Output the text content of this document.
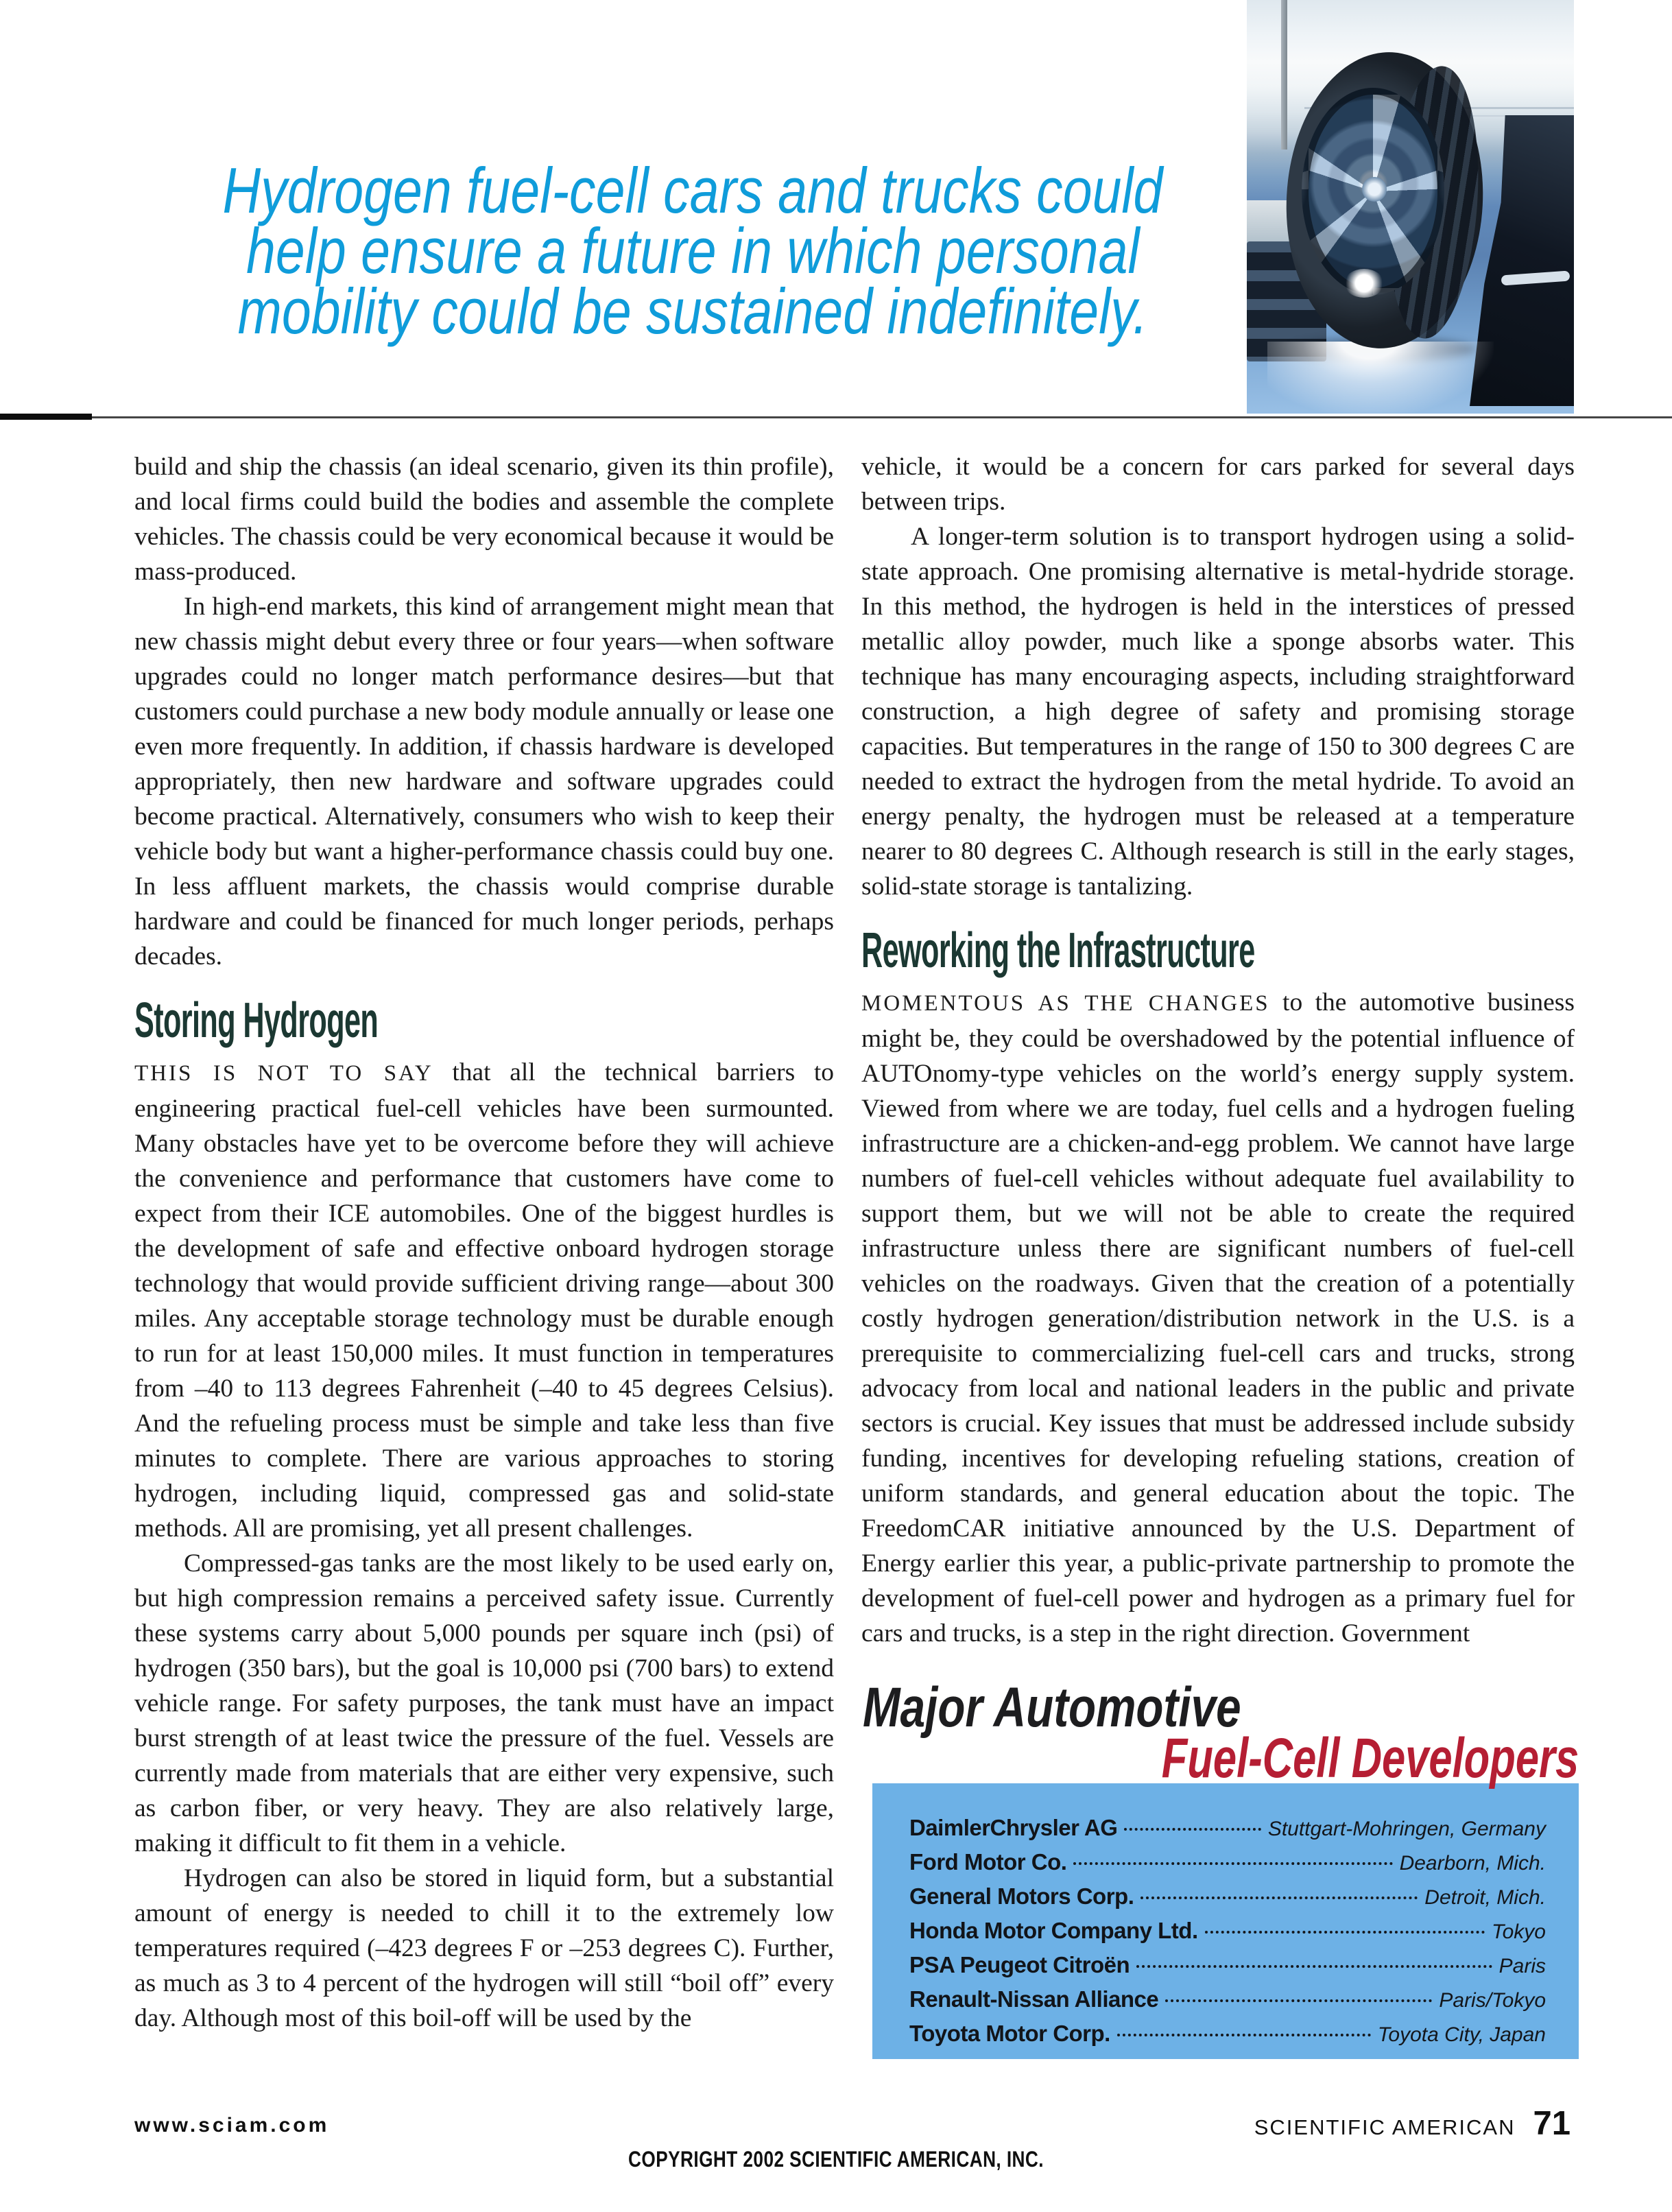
Hydrogen fuel-cell cars and trucks could
help ensure a future in which personal
mobility could be sustained indefinitely.

build and ship the chassis (an ideal scenario, given its thin profile), and local firms could build the bodies and assemble the complete vehicles. The chassis could be very economical because it would be mass-produced.

In high-end markets, this kind of arrangement might mean that new chassis might debut every three or four years—when software upgrades could no longer match performance desires—but that customers could purchase a new body module annually or lease one even more frequently. In addition, if chassis hardware is developed appropriately, then new hardware and software upgrades could become practical. Alternatively, consumers who wish to keep their vehicle body but want a higher-performance chassis could buy one. In less affluent markets, the chassis would comprise durable hardware and could be financed for much longer periods, perhaps decades.

Storing Hydrogen

THIS IS NOT TO SAY that all the technical barriers to engineering practical fuel-cell vehicles have been surmounted. Many obstacles have yet to be overcome before they will achieve the convenience and performance that customers have come to expect from their ICE automobiles. One of the biggest hurdles is the development of safe and effective onboard hydrogen storage technology that would provide sufficient driving range—about 300 miles. Any acceptable storage technology must be durable enough to run for at least 150,000 miles. It must function in temperatures from –40 to 113 degrees Fahrenheit (–40 to 45 degrees Celsius). And the refueling process must be simple and take less than five minutes to complete. There are various approaches to storing hydrogen, including liquid, compressed gas and solid-state methods. All are promising, yet all present challenges.

Compressed-gas tanks are the most likely to be used early on, but high compression remains a perceived safety issue. Currently these systems carry about 5,000 pounds per square inch (psi) of hydrogen (350 bars), but the goal is 10,000 psi (700 bars) to extend vehicle range. For safety purposes, the tank must have an impact burst strength of at least twice the pressure of the fuel. Vessels are currently made from materials that are either very expensive, such as carbon fiber, or very heavy. They are also relatively large, making it difficult to fit them in a vehicle.

Hydrogen can also be stored in liquid form, but a substantial amount of energy is needed to chill it to the extremely low temperatures required (–423 degrees F or –253 degrees C). Further, as much as 3 to 4 percent of the hydrogen will still “boil off” every day. Although most of this boil-off will be used by the

vehicle, it would be a concern for cars parked for several days between trips.

A longer-term solution is to transport hydrogen using a solid-state approach. One promising alternative is metal-hydride storage. In this method, the hydrogen is held in the interstices of pressed metallic alloy powder, much like a sponge absorbs water. This technique has many encouraging aspects, including straightforward construction, a high degree of safety and promising storage capacities. But temperatures in the range of 150 to 300 degrees C are needed to extract the hydrogen from the metal hydride. To avoid an energy penalty, the hydrogen must be released at a temperature nearer to 80 degrees C. Although research is still in the early stages, solid-state storage is tantalizing.

Reworking the Infrastructure

MOMENTOUS AS THE CHANGES to the automotive business might be, they could be overshadowed by the potential influence of AUTOnomy-type vehicles on the world’s energy supply system. Viewed from where we are today, fuel cells and a hydrogen fueling infrastructure are a chicken-and-egg problem. We cannot have large numbers of fuel-cell vehicles without adequate fuel availability to support them, but we will not be able to create the required infrastructure unless there are significant numbers of fuel-cell vehicles on the roadways. Given that the creation of a potentially costly hydrogen generation/distribution network in the U.S. is a prerequisite to commercializing fuel-cell cars and trucks, strong advocacy from local and national leaders in the public and private sectors is crucial. Key issues that must be addressed include subsidy funding, incentives for developing refueling stations, creation of uniform standards, and general education about the topic. The FreedomCAR initiative announced by the U.S. Department of Energy earlier this year, a public-private partnership to promote the development of fuel-cell power and hydrogen as a primary fuel for cars and trucks, is a step in the right direction. Government

Major Automotive
Fuel-Cell Developers
DaimlerChrysler AG	Stuttgart-Mohringen, Germany
Ford Motor Co.	Dearborn, Mich.
General Motors Corp.	Detroit, Mich.
Honda Motor Company Ltd.	Tokyo
PSA Peugeot Citroën	Paris
Renault-Nissan Alliance	Paris/Tokyo
Toyota Motor Corp.	Toyota City, Japan
www.sciam.com	SCIENTIFIC AMERICAN 71
COPYRIGHT 2002 SCIENTIFIC AMERICAN, INC.
